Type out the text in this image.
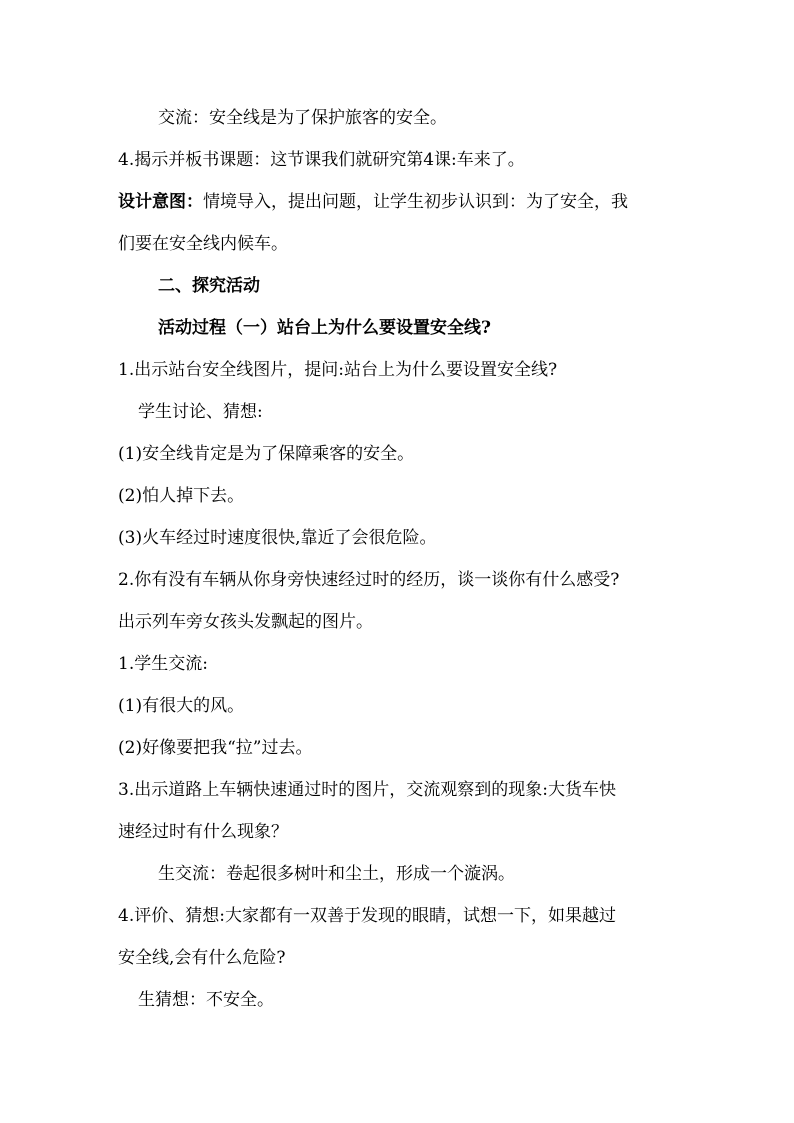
交流：安全线是为了保护旅客的安全。
4.揭示并板书课题：这节课我们就研究第4课:车来了。
设计意图：情境导入，提出问题，让学生初步认识到：为了安全，我
们要在安全线内候车。
二、探究活动
活动过程（一）站台上为什么要设置安全线?
1.出示站台安全线图片，提问:站台上为什么要设置安全线?
学生讨论、猜想:
(1)安全线肯定是为了保障乘客的安全。
(2)怕人掉下去。
(3)火车经过时速度很快,靠近了会很危险。
2.你有没有车辆从你身旁快速经过时的经历，谈一谈你有什么感受?
出示列车旁女孩头发飘起的图片。
1.学生交流:
(1)有很大的风。
(2)好像要把我“拉”过去。
3.出示道路上车辆快速通过时的图片，交流观察到的现象:大货车快
速经过时有什么现象？
生交流：卷起很多树叶和尘土，形成一个漩涡。
4.评价、猜想:大家都有一双善于发现的眼睛，试想一下，如果越过
安全线,会有什么危险?
生猜想：不安全。
